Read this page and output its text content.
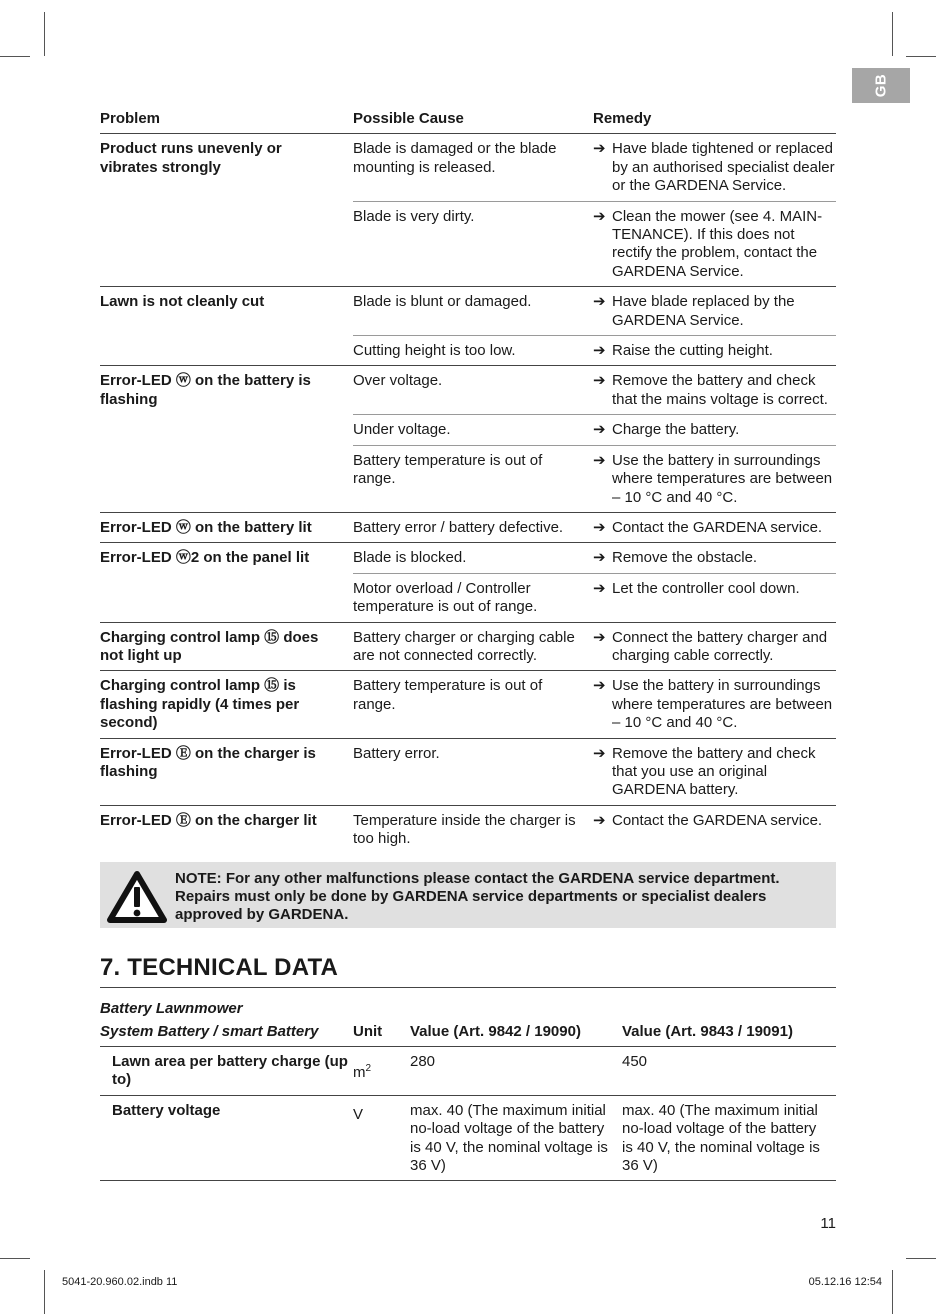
GB
Problem	Possible Cause	Remedy
Product runs unevenly or vibrates strongly	Blade is damaged or the blade mounting is released.	➔ Have blade tightened or replaced by an authorised specialist dealer or the GARDENA Service.
	Blade is very dirty.	➔ Clean the mower (see 4. MAIN-TENANCE). If this does not rectify the problem, contact the GARDENA Service.
Lawn is not cleanly cut	Blade is blunt or damaged.	➔ Have blade replaced by the GARDENA Service.
	Cutting height is too low.	➔ Raise the cutting height.
Error-LED ⓦ on the battery is flashing	Over voltage.	➔ Remove the battery and check that the mains voltage is correct.
	Under voltage.	➔ Charge the battery.
	Battery temperature is out of range.	➔ Use the battery in surroundings where temperatures are between – 10 °C and 40 °C.
Error-LED ⓦ on the battery lit	Battery error / battery defective.	➔ Contact the GARDENA service.
Error-LED ⓦ2 on the panel lit	Blade is blocked.	➔ Remove the obstacle.
	Motor overload / Controller temperature is out of range.	➔ Let the controller cool down.
Charging control lamp ⑮ does not light up	Battery charger or charging cable are not connected correctly.	➔ Connect the battery charger and charging cable correctly.
Charging control lamp ⑮ is flashing rapidly (4 times per second)	Battery temperature is out of range.	➔ Use the battery in surroundings where temperatures are between – 10 °C and 40 °C.
Error-LED Ⓔ on the charger is flashing	Battery error.	➔ Remove the battery and check that you use an original GARDENA battery.
Error-LED Ⓔ on the charger lit	Temperature inside the charger is too high.	➔ Contact the GARDENA service.
NOTE: For any other malfunctions please contact the GARDENA service department. Repairs must only be done by GARDENA service departments or specialist dealers approved by GARDENA.
7. TECHNICAL DATA
Battery Lawnmower
System Battery / smart Battery	Unit	Value (Art. 9842 / 19090)	Value (Art. 9843 / 19091)
Lawn area per battery charge (up to)	$m^2$	280	450
Battery voltage	V	max. 40 (The maximum initial no-load voltage of the battery is 40 V, the nominal voltage is 36 V)	max. 40 (The maximum initial no-load voltage of the battery is 40 V, the nominal voltage is 36 V)
11
5041-20.960.02.indb 11	05.12.16 12:54
